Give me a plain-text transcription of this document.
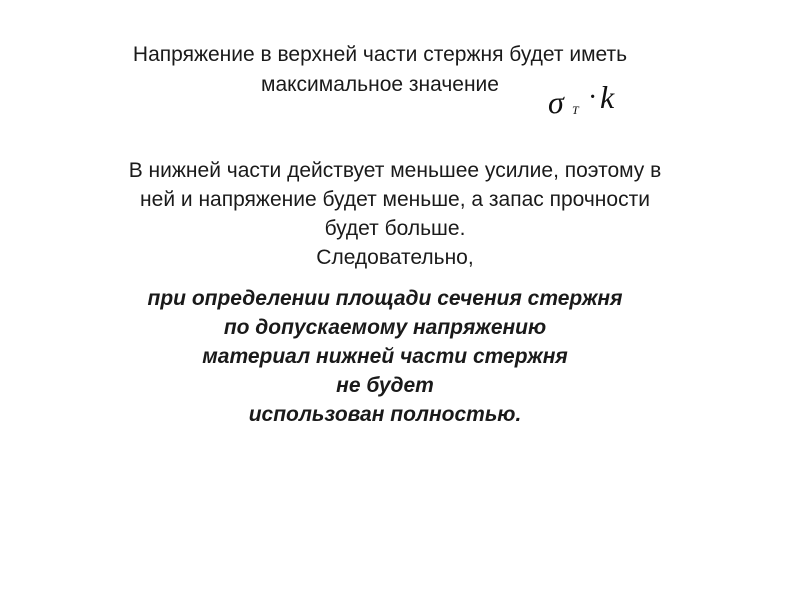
Напряжение в верхней части стержня будет иметь
максимальное значение	σ T · k

В нижней части действует меньшее усилие, поэтому в

ней и напряжение будет меньше, а запас прочности

будет больше.

Следовательно,

при определении площади сечения стержня

по допускаемому напряжению

материал нижней части стержня

не будет

использован полностью.
